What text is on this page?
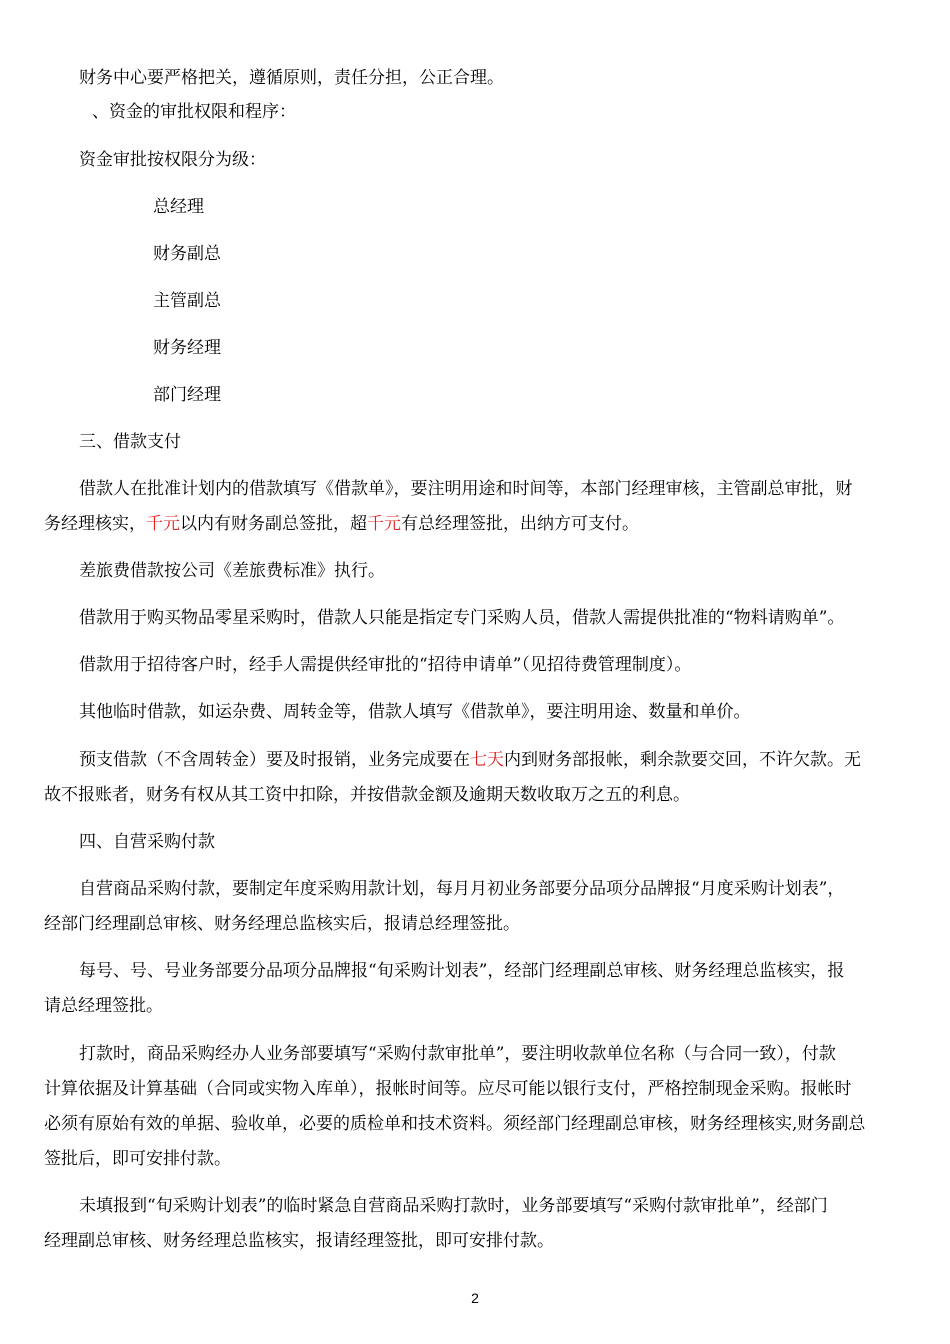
财务中心要严格把关，遵循原则，责任分担，公正合理。

、资金的审批权限和程序：

资金审批按权限分为级：

总经理

财务副总

主管副总

财务经理

部门经理

三、借款支付

借款人在批准计划内的借款填写《借款单》，要注明用途和时间等，本部门经理审核，主管副总审批，财

务经理核实，千元以内有财务副总签批，超千元有总经理签批，出纳方可支付。

差旅费借款按公司《差旅费标准》执行。

借款用于购买物品零星采购时，借款人只能是指定专门采购人员，借款人需提供批准的“物料请购单”。

借款用于招待客户时，经手人需提供经审批的“招待申请单”（见招待费管理制度）。

其他临时借款，如运杂费、周转金等，借款人填写《借款单》，要注明用途、数量和单价。

预支借款（不含周转金）要及时报销，业务完成要在七天内到财务部报帐，剩余款要交回，不许欠款。无

故不报账者，财务有权从其工资中扣除，并按借款金额及逾期天数收取万之五的利息。

四、自营采购付款

自营商品采购付款，要制定年度采购用款计划，每月月初业务部要分品项分品牌报“月度采购计划表”，

经部门经理副总审核、财务经理总监核实后，报请总经理签批。

每号、号、号业务部要分品项分品牌报“旬采购计划表”，经部门经理副总审核、财务经理总监核实，报

请总经理签批。

打款时，商品采购经办人业务部要填写“采购付款审批单”，要注明收款单位名称（与合同一致），付款

计算依据及计算基础（合同或实物入库单），报帐时间等。应尽可能以银行支付，严格控制现金采购。报帐时

必须有原始有效的单据、验收单，必要的质检单和技术资料。须经部门经理副总审核，财务经理核实,财务副总

签批后，即可安排付款。

未填报到“旬采购计划表”的临时紧急自营商品采购打款时，业务部要填写“采购付款审批单”，经部门

经理副总审核、财务经理总监核实，报请经理签批，即可安排付款。

2
